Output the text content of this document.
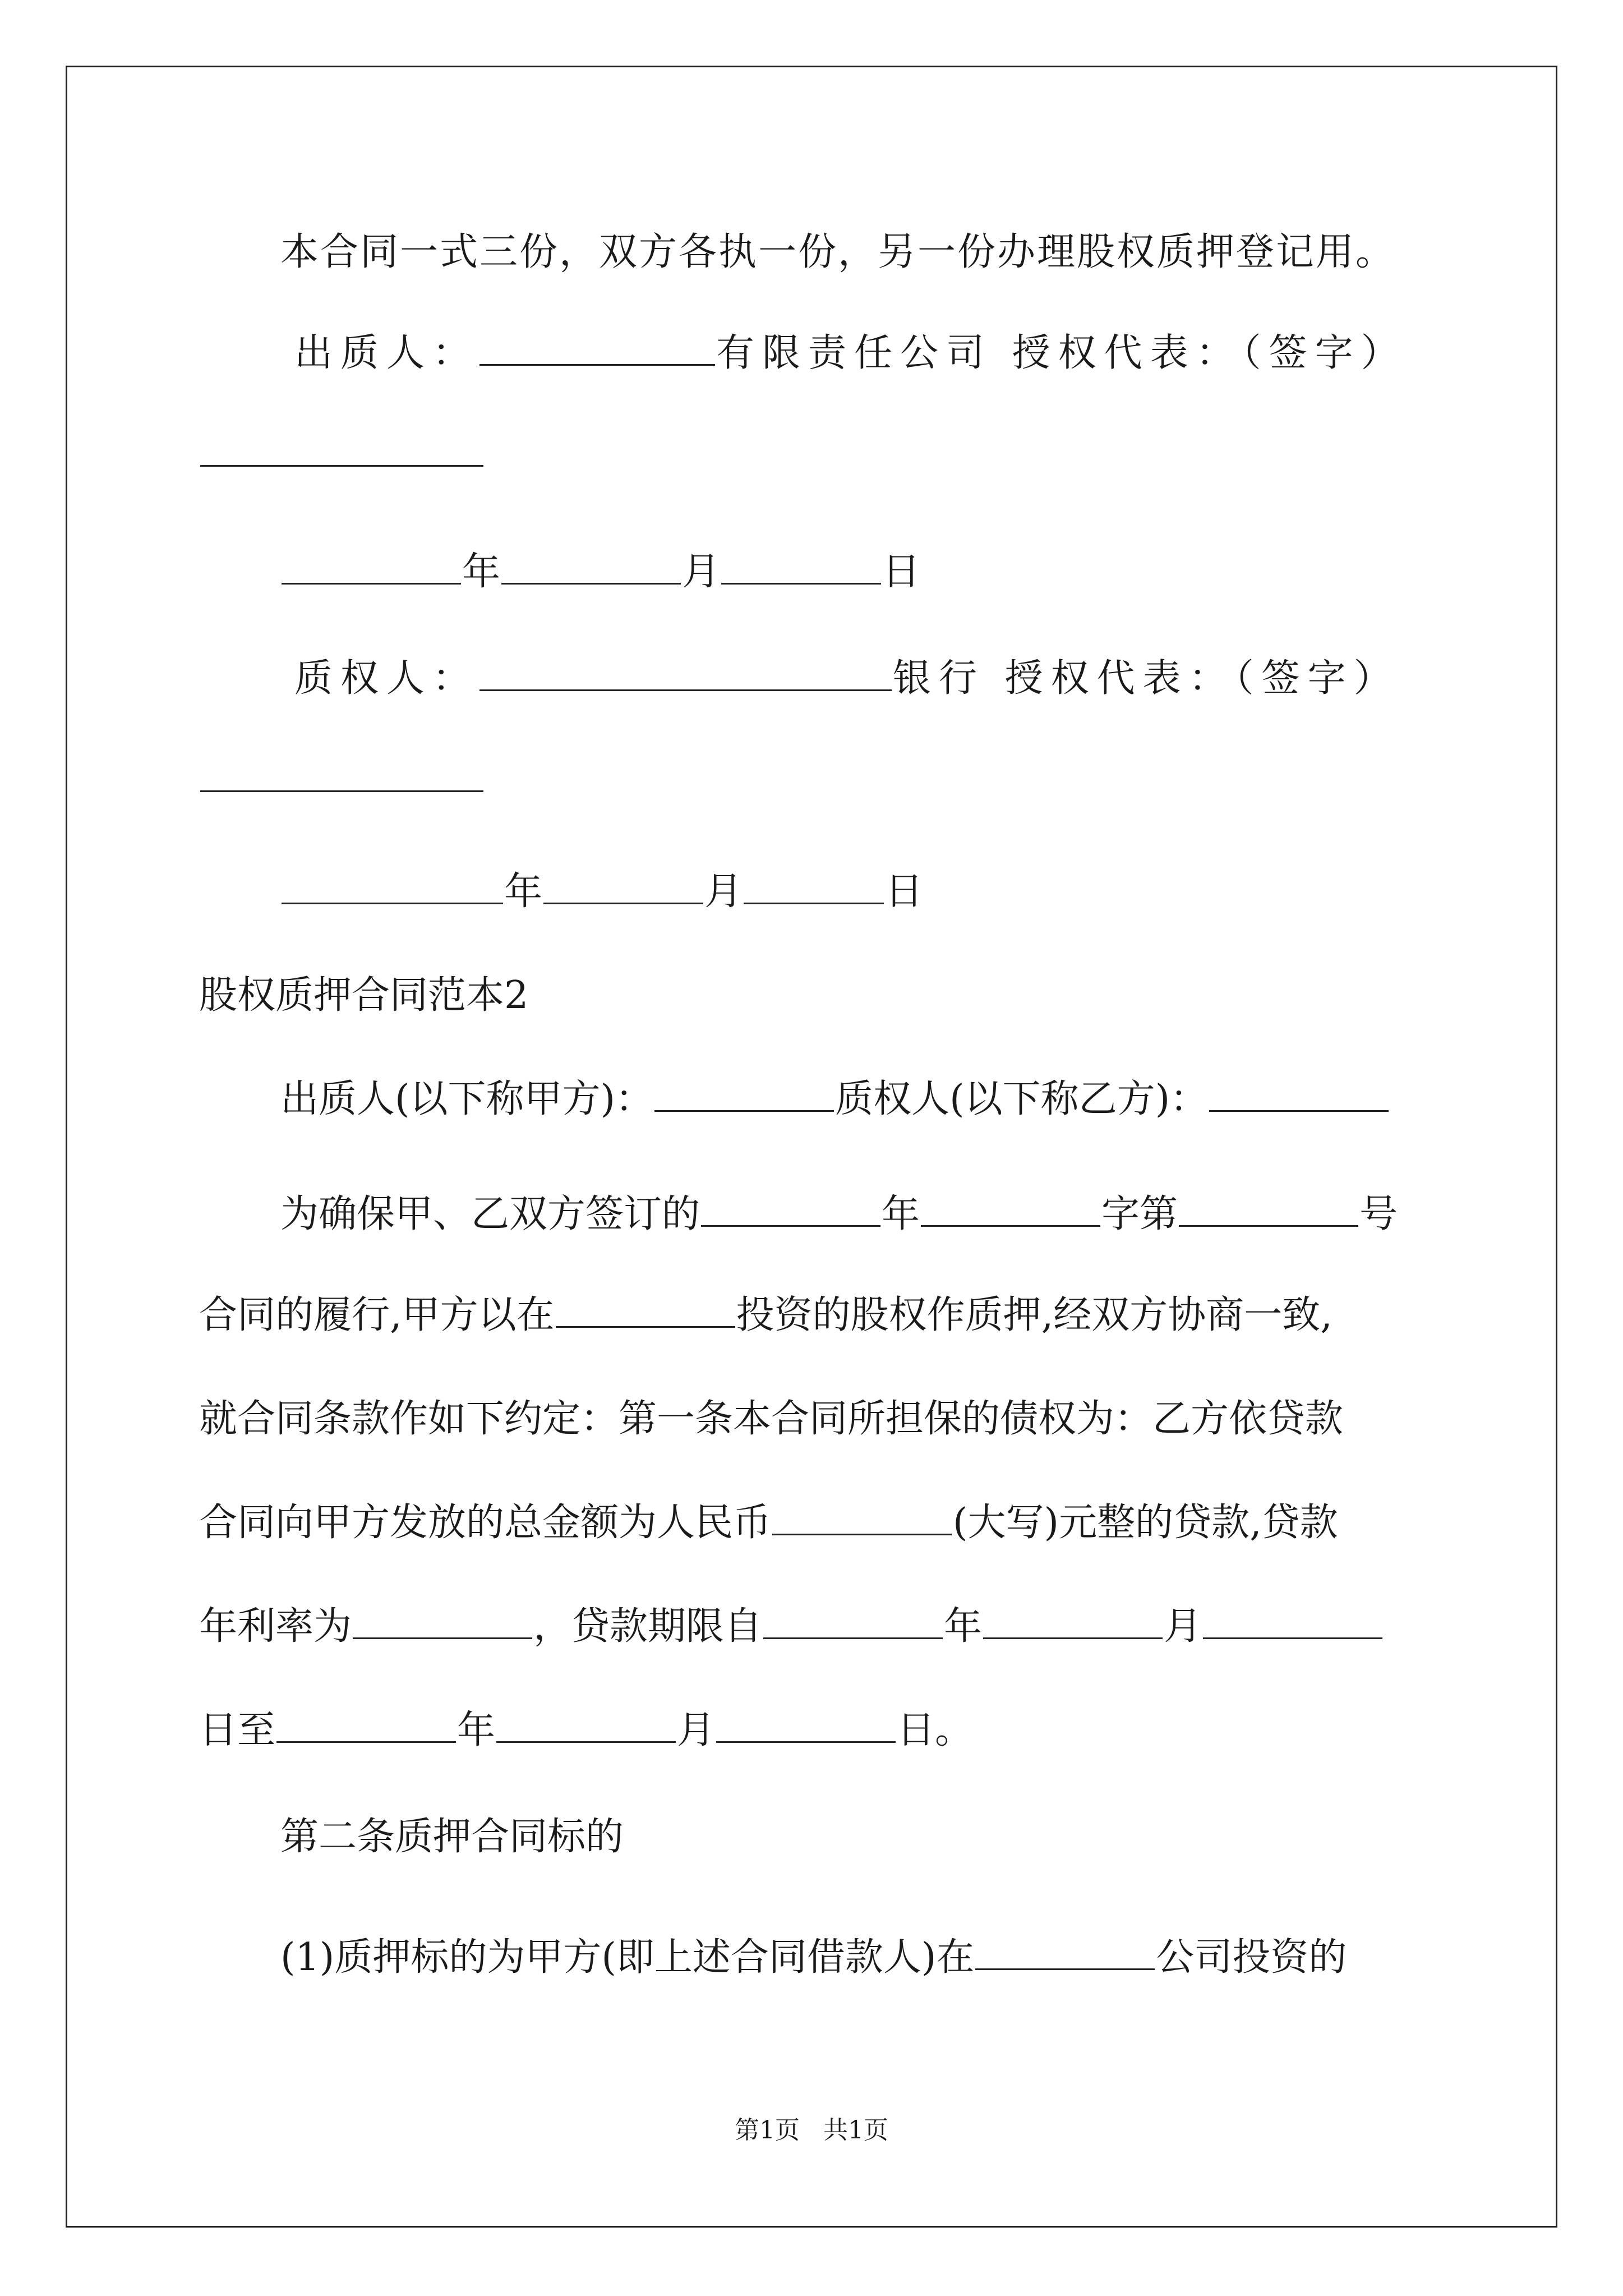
本合同一式三份，双方各执一份，另一份办理股权质押登记用。
出质人：	有限责任公司 授权代表：（签字）
年	月	日
质权人：	银行 授权代表：（签字）
年	月	日
股权质押合同范本2
出质人(以下称甲方)：	质权人(以下称乙方)：
为确保甲、乙双方签订的	年	字第	号
合同的履行,甲方以在	投资的股权作质押,经双方协商一致,
就合同条款作如下约定：第一条本合同所担保的债权为：乙方依贷款
合同向甲方发放的总金额为人民币	(大写)元整的贷款,贷款
年利率为	，贷款期限自	年	月
日至	年	月	日。
第二条质押合同标的
(1)质押标的为甲方(即上述合同借款人)在	公司投资的
第1页   共1页
